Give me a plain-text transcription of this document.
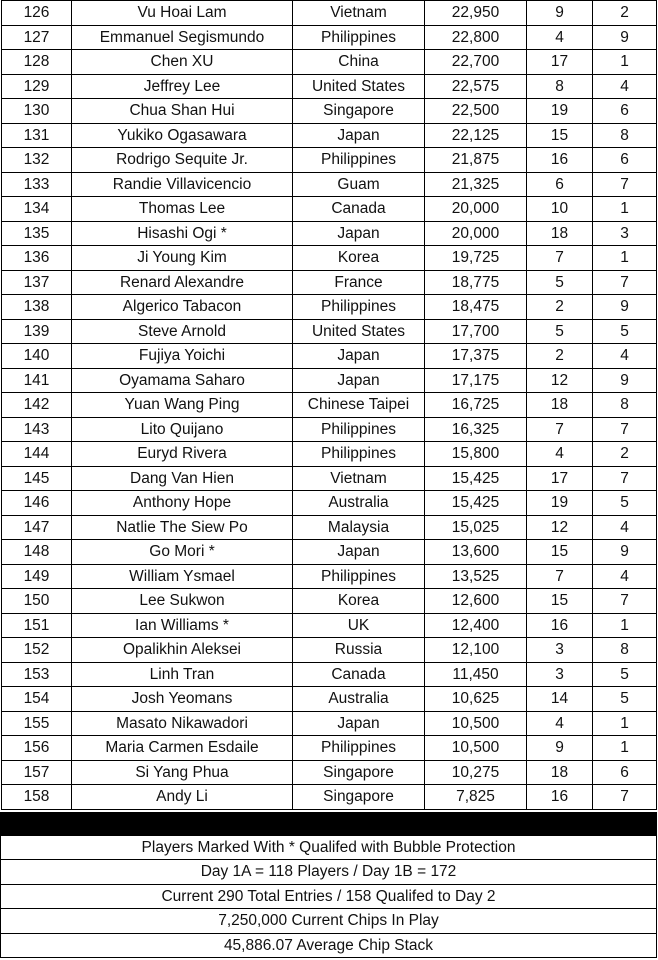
126	Vu Hoai Lam	Vietnam	22,950	9	2
127	Emmanuel Segismundo	Philippines	22,800	4	9
128	Chen XU	China	22,700	17	1
129	Jeffrey Lee	United States	22,575	8	4
130	Chua Shan Hui	Singapore	22,500	19	6
131	Yukiko Ogasawara	Japan	22,125	15	8
132	Rodrigo Sequite Jr.	Philippines	21,875	16	6
133	Randie Villavicencio	Guam	21,325	6	7
134	Thomas Lee	Canada	20,000	10	1
135	Hisashi Ogi *	Japan	20,000	18	3
136	Ji Young Kim	Korea	19,725	7	1
137	Renard Alexandre	France	18,775	5	7
138	Algerico Tabacon	Philippines	18,475	2	9
139	Steve Arnold	United States	17,700	5	5
140	Fujiya Yoichi	Japan	17,375	2	4
141	Oyamama Saharo	Japan	17,175	12	9
142	Yuan Wang Ping	Chinese Taipei	16,725	18	8
143	Lito Quijano	Philippines	16,325	7	7
144	Euryd Rivera	Philippines	15,800	4	2
145	Dang Van Hien	Vietnam	15,425	17	7
146	Anthony Hope	Australia	15,425	19	5
147	Natlie The Siew Po	Malaysia	15,025	12	4
148	Go Mori *	Japan	13,600	15	9
149	William Ysmael	Philippines	13,525	7	4
150	Lee Sukwon	Korea	12,600	15	7
151	Ian Williams *	UK	12,400	16	1
152	Opalikhin Aleksei	Russia	12,100	3	8
153	Linh Tran	Canada	11,450	3	5
154	Josh Yeomans	Australia	10,625	14	5
155	Masato Nikawadori	Japan	10,500	4	1
156	Maria Carmen Esdaile	Philippines	10,500	9	1
157	Si Yang Phua	Singapore	10,275	18	6
158	Andy Li	Singapore	7,825	16	7
Players Marked With * Qualifed with Bubble Protection
Day 1A = 118 Players / Day 1B = 172
Current 290 Total Entries / 158 Qualifed to Day 2
7,250,000 Current Chips In Play
45,886.07 Average Chip Stack
